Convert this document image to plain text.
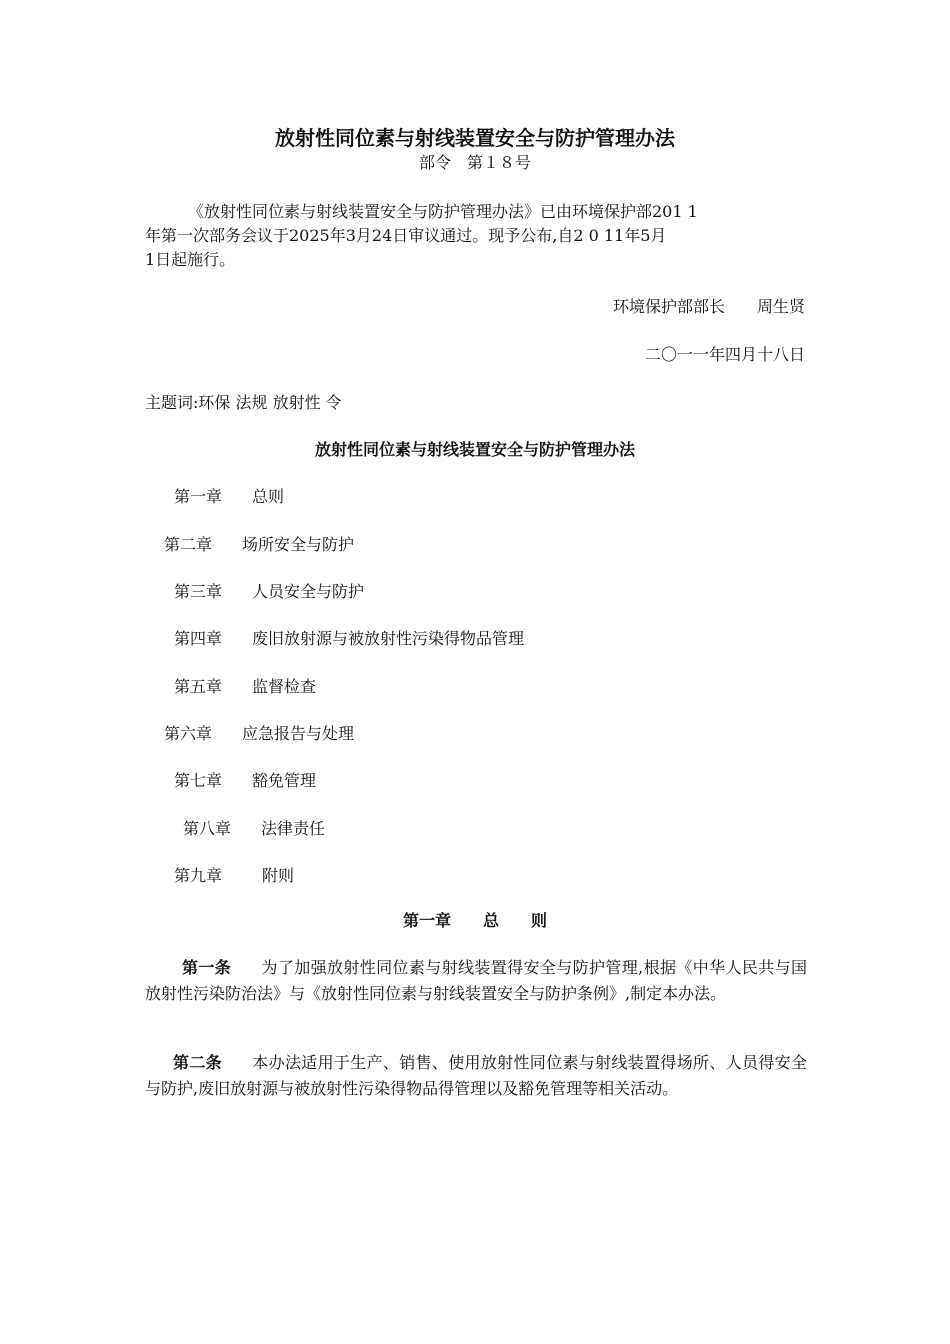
放射性同位素与射线装置安全与防护管理办法
部令　第１８号
《放射性同位素与射线装置安全与防护管理办法》已由环境保护部201 1
年第一次部务会议于2025年3月24日审议通过。现予公布,自2 0 11年5月
1日起施行。
环境保护部部长　　周生贤
二〇一一年四月十八日
主题词:环保 法规 放射性 令
放射性同位素与射线装置安全与防护管理办法
第一章 总则
第二章 场所安全与防护
第三章 人员安全与防护
第四章 废旧放射源与被放射性污染得物品管理
第五章 监督检查
第六章 应急报告与处理
第七章 豁免管理
第八章 法律责任
第九章	附则
第一章　　总　　则
第一条 为了加强放射性同位素与射线装置得安全与防护管理,根据《中华人民共与国放射性污染防治法》与《放射性同位素与射线装置安全与防护条例》,制定本办法。
第二条 本办法适用于生产、销售、使用放射性同位素与射线装置得场所、人员得安全与防护,废旧放射源与被放射性污染得物品得管理以及豁免管理等相关活动。
